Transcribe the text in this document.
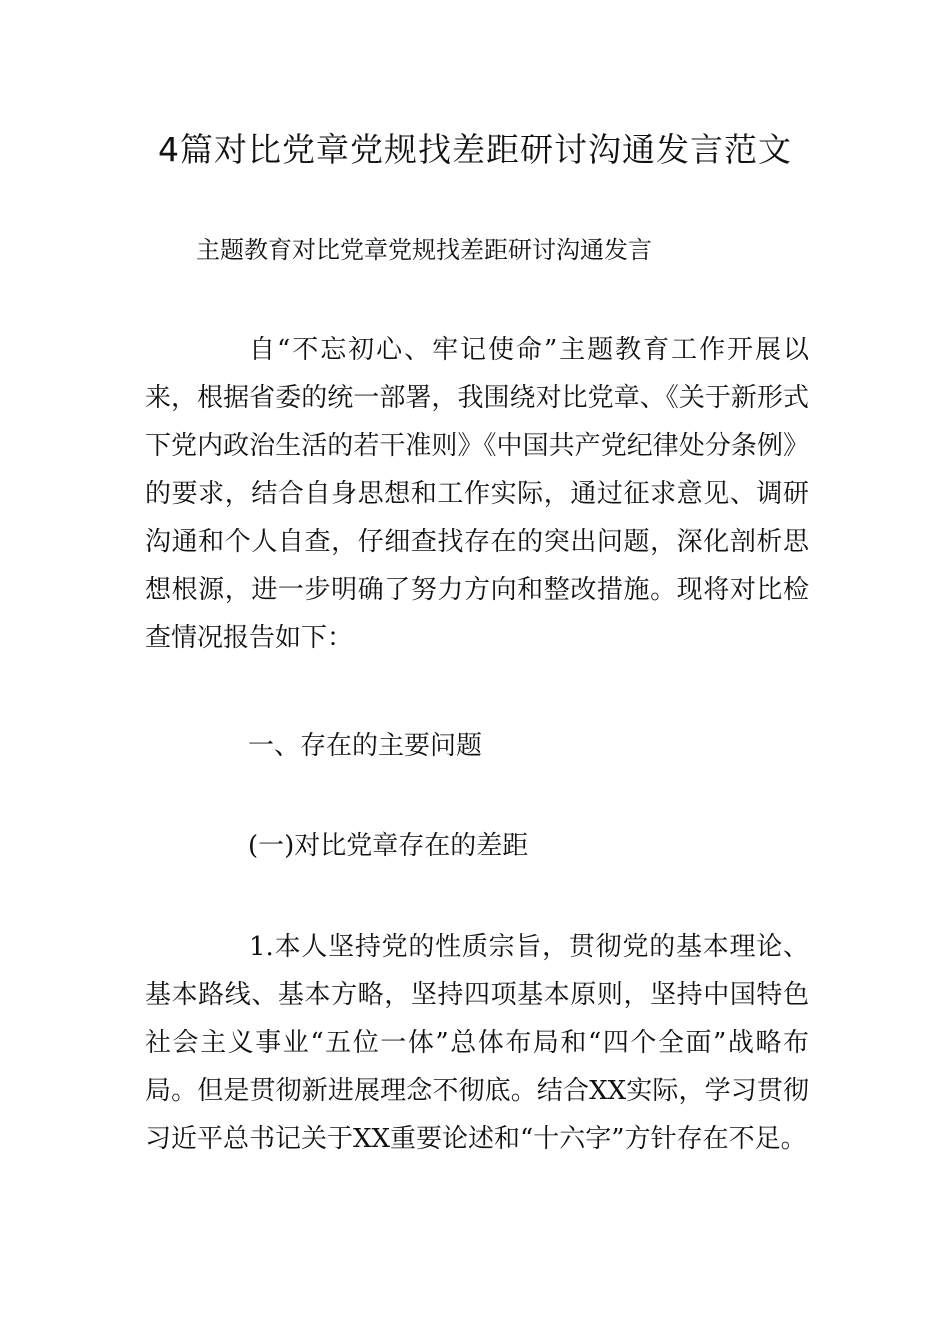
4篇对比党章党规找差距研讨沟通发言范文

主题教育对比党章党规找差距研讨沟通发言

自“不忘初心、牢记使命”主题教育工作开展以来，根据省委的统一部署，我围绕对比党章、《关于新形式下党内政治生活的若干准则》《中国共产党纪律处分条例》的要求，结合自身思想和工作实际，通过征求意见、调研沟通和个人自查，仔细查找存在的突出问题，深化剖析思想根源，进一步明确了努力方向和整改措施。现将对比检查情况报告如下：

一、存在的主要问题

(一)对比党章存在的差距

1.本人坚持党的性质宗旨，贯彻党的基本理论、基本路线、基本方略，坚持四项基本原则，坚持中国特色社会主义事业“五位一体”总体布局和“四个全面”战略布局。但是贯彻新进展理念不彻底。结合XX实际，学习贯彻习近平总书记关于XX重要论述和“十六字”方针存在不足。
